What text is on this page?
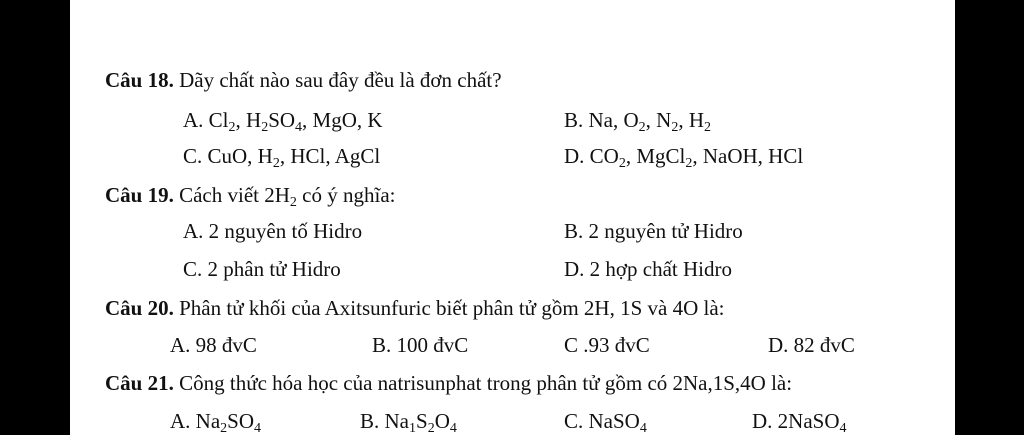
Câu 18. Dãy chất nào sau đây đều là đơn chất?
A. $Cl_2$, $H_2SO_4$, MgO, K	B. Na, $O_2$, $N_2$, $H_2$
C. CuO, $H_2$, HCl, AgCl	D. $CO_2$, MgCl$_2$, NaOH, HCl
Câu 19. Cách viết $2H_2$ có ý nghĩa:
A. 2 nguyên tố Hidro	B. 2 nguyên tử Hidro
C. 2 phân tử Hidro	D. 2 hợp chất Hidro
Câu 20. Phân tử khối của Axitsunfuric biết phân tử gồm 2H, 1S và 4O là:
A. 98 đvC	B. 100 đvC	C .93 đvC	D. 82 đvC
Câu 21. Công thức hóa học của natrisunphat trong phân tử gồm có 2Na,1S,4O là:
A. $Na_2SO_4$	B. $Na_1S_2O_4$	C. NaSO$_4$	D. 2NaSO$_4$
